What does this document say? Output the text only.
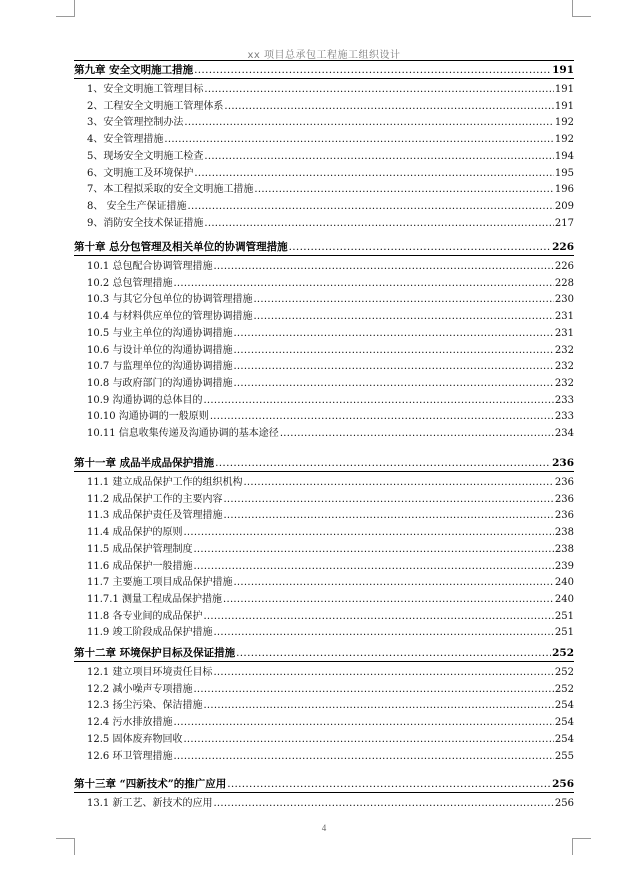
xx 项目总承包工程施工组织设计
第九章 安全文明施工措施 .....	191
1、安全文明施工管理目标 .....	191
2、工程安全文明施工管理体系 .....	191
3、安全管理控制办法 .....	192
4、安全管理措施 .....	192
5、现场安全文明施工检查 .....	194
6、文明施工及环境保护 .....	195
7、本工程拟采取的安全文明施工措施 .....	196
8、 安全生产保证措施 .....	209
9、消防安全技术保证措施 .....	217
第十章 总分包管理及相关单位的协调管理措施 .....	226
10.1 总包配合协调管理措施 .....	226
10.2 总包管理措施 .....	228
10.3 与其它分包单位的协调管理措施 .....	230
10.4 与材料供应单位的管理协调措施 .....	231
10.5 与业主单位的沟通协调措施 .....	231
10.6 与设计单位的沟通协调措施 .....	232
10.7 与监理单位的沟通协调措施 .....	232
10.8 与政府部门的沟通协调措施 .....	232
10.9 沟通协调的总体目的 .....	233
10.10 沟通协调的一般原则 .....	233
10.11 信息收集传递及沟通协调的基本途径 .....	234
第十一章 成品半成品保护措施 .....	236
11.1 建立成品保护工作的组织机构 .....	236
11.2 成品保护工作的主要内容 .....	236
11.3 成品保护责任及管理措施 .....	236
11.4 成品保护的原则 .....	238
11.5 成品保护管理制度 .....	238
11.6 成品保护一般措施 .....	239
11.7 主要施工项目成品保护措施 .....	240
11.7.1 测量工程成品保护措施 .....	240
11.8 各专业间的成品保护 .....	251
11.9 竣工阶段成品保护措施 .....	251
第十二章 环境保护目标及保证措施 .....	252
12.1 建立项目环境责任目标 .....	252
12.2 减小噪声专项措施 .....	252
12.3 扬尘污染、保洁措施 .....	254
12.4 污水排放措施 .....	254
12.5 固体废弃物回收 .....	254
12.6 环卫管理措施 .....	255
第十三章 “四新技术”的推广应用 .....	256
13.1 新工艺、新技术的应用 .....	256
4
